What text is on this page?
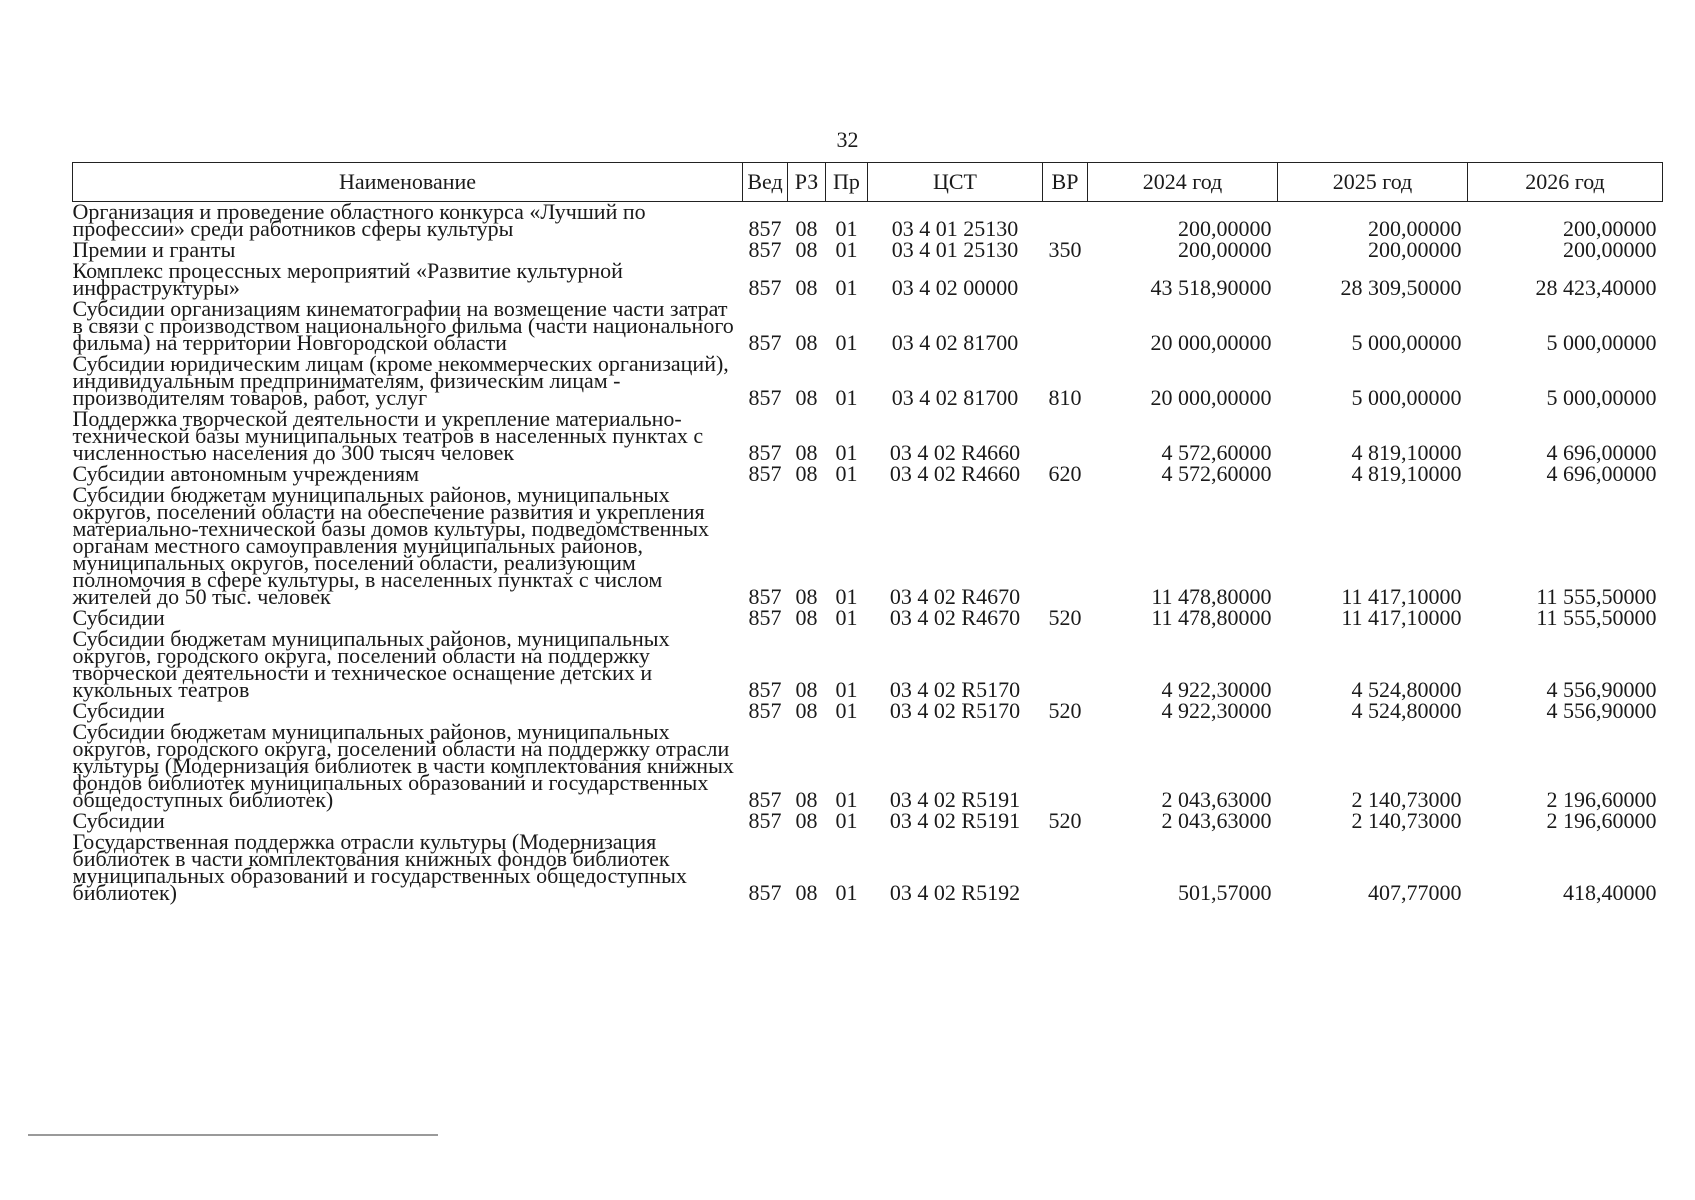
32
Наименование	Вед	РЗ	Пр	ЦСТ	ВР	2024 год	2025 год	2026 год
Организация и проведение областного конкурса «Лучший по профессии» среди работников сферы культуры	857	08	01	03 4 01 25130		200,00000	200,00000	200,00000
Премии и гранты	857	08	01	03 4 01 25130	350	200,00000	200,00000	200,00000
Комплекс процессных мероприятий «Развитие культурной инфраструктуры»	857	08	01	03 4 02 00000		43 518,90000	28 309,50000	28 423,40000
Субсидии организациям кинематографии на возмещение части затрат в связи с производством национального фильма (части национального фильма) на территории Новгородской области	857	08	01	03 4 02 81700		20 000,00000	5 000,00000	5 000,00000
Субсидии юридическим лицам (кроме некоммерческих организаций), индивидуальным предпринимателям, физическим лицам - производителям товаров, работ, услуг	857	08	01	03 4 02 81700	810	20 000,00000	5 000,00000	5 000,00000
Поддержка творческой деятельности и укрепление материально-технической базы муниципальных театров в населенных пунктах с численностью населения до 300 тысяч человек	857	08	01	03 4 02 R4660		4 572,60000	4 819,10000	4 696,00000
Субсидии автономным учреждениям	857	08	01	03 4 02 R4660	620	4 572,60000	4 819,10000	4 696,00000
Субсидии бюджетам муниципальных районов, муниципальных округов, поселений области на обеспечение развития и укрепления материально-технической базы домов культуры, подведомственных органам местного самоуправления муниципальных районов, муниципальных округов, поселений области, реализующим полномочия в сфере культуры, в населенных пунктах с числом жителей до 50 тыс. человек	857	08	01	03 4 02 R4670		11 478,80000	11 417,10000	11 555,50000
Субсидии	857	08	01	03 4 02 R4670	520	11 478,80000	11 417,10000	11 555,50000
Субсидии бюджетам муниципальных районов, муниципальных округов, городского округа, поселений области на поддержку творческой деятельности и техническое оснащение детских и кукольных театров	857	08	01	03 4 02 R5170		4 922,30000	4 524,80000	4 556,90000
Субсидии	857	08	01	03 4 02 R5170	520	4 922,30000	4 524,80000	4 556,90000
Субсидии бюджетам муниципальных районов, муниципальных округов, городского округа, поселений области на поддержку отрасли культуры (Модернизация библиотек в части комплектования книжных фондов библиотек муниципальных образований и государственных общедоступных библиотек)	857	08	01	03 4 02 R5191		2 043,63000	2 140,73000	2 196,60000
Субсидии	857	08	01	03 4 02 R5191	520	2 043,63000	2 140,73000	2 196,60000
Государственная поддержка отрасли культуры (Модернизация библиотек в части комплектования книжных фондов библиотек муниципальных образований и государственных общедоступных библиотек)	857	08	01	03 4 02 R5192		501,57000	407,77000	418,40000
